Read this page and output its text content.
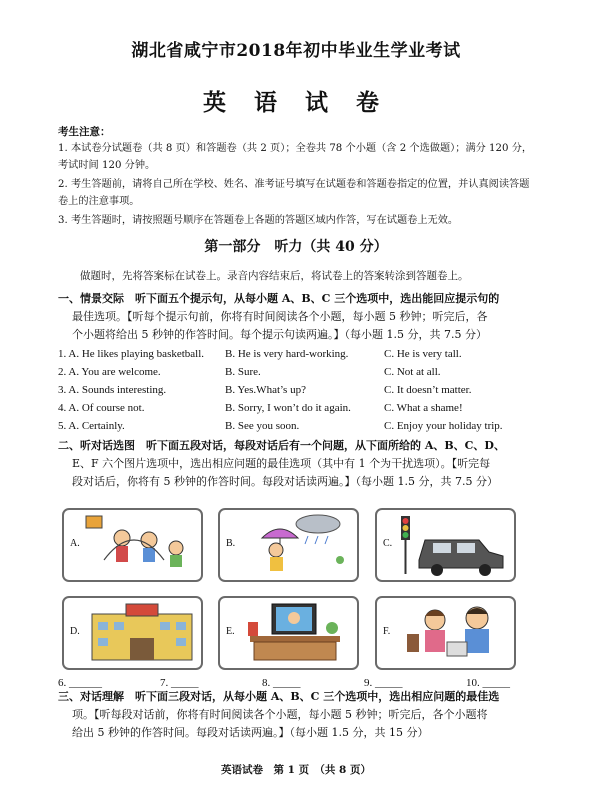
湖北省咸宁市2018年初中毕业生学业考试
英 语 试 卷
考生注意：
1. 本试卷分试题卷（共 8 页）和答题卷（共 2 页）；全卷共 78 个小题（含 2 个选做题）；满分 120 分，考试时间 120 分钟。
2. 考生答题前，请将自己所在学校、姓名、准考证号填写在试题卷和答题卷指定的位置，并认真阅读答题卷上的注意事项。
3. 考生答题时，请按照题号顺序在答题卷上各题的答题区域内作答，写在试题卷上无效。
第一部分　听力（共 40 分）
做题时，先将答案标在试卷上。录音内容结束后，将试卷上的答案转涂到答题卷上。
一、情景交际　听下面五个提示句，从每小题 A、B、C 三个选项中，选出能回应提示句的
最佳选项。【听每个提示句前，你将有时间阅读各个小题，每小题 5 秒钟；听完后，各
个小题将给出 5 秒钟的作答时间。每个提示句读两遍。】（每小题 1.5 分，共 7.5 分）
1. A. He likes playing basketball. B. He is very hard-working.	C. He is very tall.
2. A. You are welcome.	B. Sure.	C. Not at all.
3. A. Sounds interesting.	B. Yes.What’s up?	C. It doesn’t matter.
4. A. Of course not.	B. Sorry, I won’t do it again.	C. What a shame!
5. A. Certainly.	B. See you soon.	C. Enjoy your holiday trip.
二、听对话选图　听下面五段对话，每段对话后有一个问题，从下面所给的 A、B、C、D、
E、F 六个图片选项中，选出相应问题的最佳选项（其中有 1 个为干扰选项）。【听完每
段对话后，你将有 5 秒钟的作答时间。每段对话读两遍。】（每小题 1.5 分，共 7.5 分）
A.	B.	C.
D.	E.	F.
6. ______	7. _____	8. _____	9. _____	10. _____
三、对话理解　听下面三段对话，从每小题 A、B、C 三个选项中，选出相应问题的最佳选
项。【听每段对话前，你将有时间阅读各个小题，每小题 5 秒钟；听完后，各个小题将
给出 5 秒钟的作答时间。每段对话读两遍。】（每小题 1.5 分，共 15 分）
英语试卷　第 1 页　（共 8 页）
